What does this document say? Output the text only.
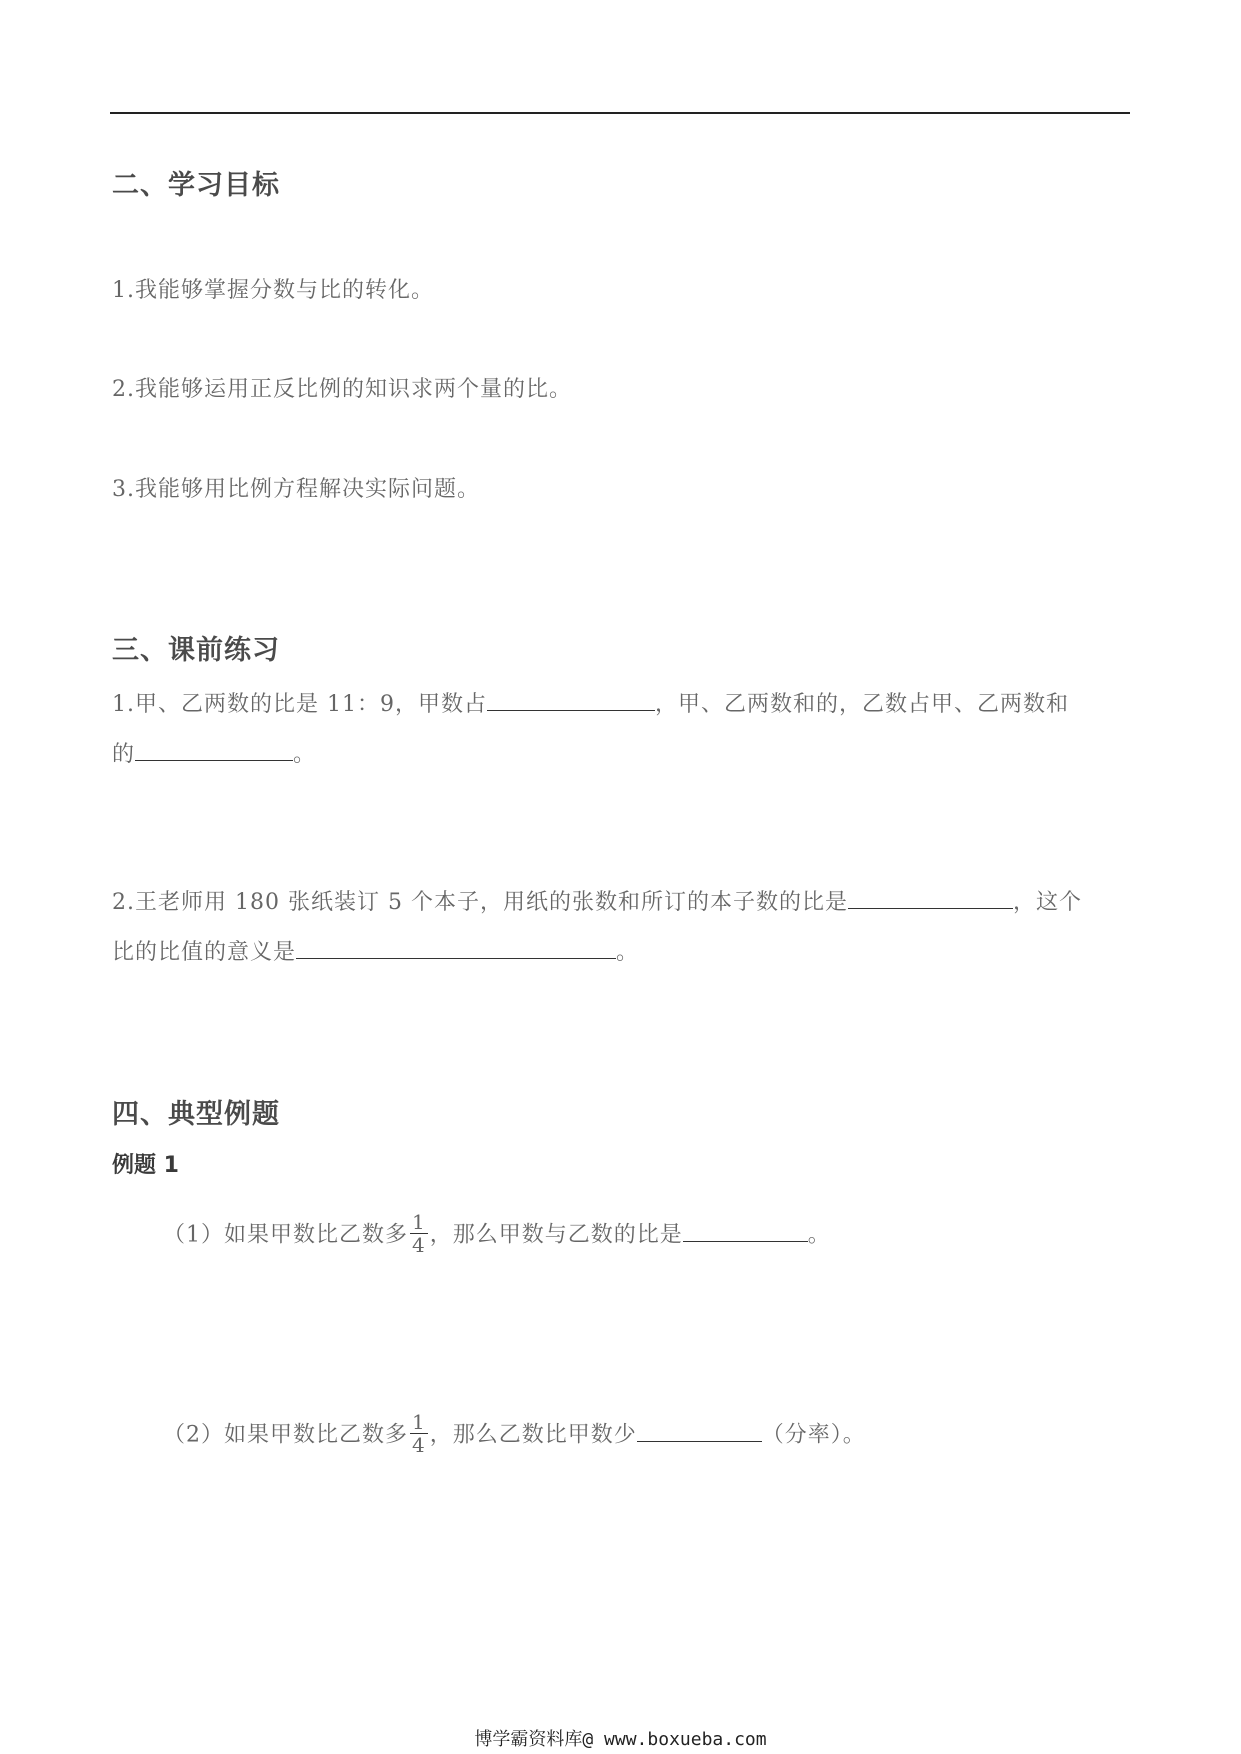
二、学习目标
1.我能够掌握分数与比的转化。
2.我能够运用正反比例的知识求两个量的比。
3.我能够用比例方程解决实际问题。
三、课前练习
1.甲、乙两数的比是 11：9，甲数占	，甲、乙两数和的，乙数占甲、乙两数和
的	。
2.王老师用 180 张纸装订 5 个本子，用纸的张数和所订的本子数的比是	，这个
比的比值的意义是	。
四、典型例题
例题 1
（1）如果甲数比乙数多 $\frac{1}{4}$ ，那么甲数与乙数的比是	。
（2）如果甲数比乙数多 $\frac{1}{4}$ ，那么乙数比甲数少	（分率）。
博学霸资料库@ www.boxueba.com
